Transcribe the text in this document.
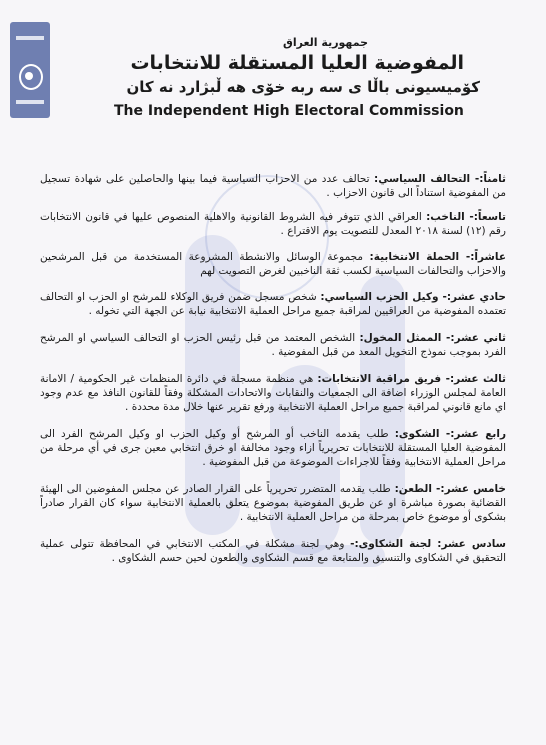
جمهورية العراق
المفوضية العليا المستقلة للانتخابات
كۆميسيونی باڵا ی سه ربه خۆی هه ڵبژارد نه كان
The Independent High Electoral Commission

ثامناً:- التحالف السياسي: تحالف عدد من الاحزاب السياسية فيما بينها والحاصلين على شهادة تسجيل من المفوضية استناداً الى قانون الاحزاب .

تاسعاً:- الناخب: العراقي الذي تتوفر فيه الشروط القانونية والاهلية المنصوص عليها في قانون الانتخابات رقم (١٢) لسنة ٢٠١٨ المعدل للتصويت يوم الاقتراع .

عاشراً:- الحملة الانتخابية: مجموعة الوسائل والانشطة المشروعة المستخدمة من قبل المرشحين والاحزاب والتحالفات السياسية لكسب ثقة الناخبين لغرض التصويت لهم

حادي عشر:- وكيل الحزب السياسي: شخص مسجل ضمن فريق الوكلاء للمرشح او الحزب او التحالف تعتمده المفوضية من العراقيين لمراقبة جميع مراحل العملية الانتخابية نيابة عن الجهة التي تخوله .

ثاني عشر:- الممثل المخول: الشخص المعتمد من قبل رئيس الحزب او التحالف السياسي او المرشح الفرد بموجب نموذج التخويل المعد من قبل المفوضية .

ثالث عشر:- فريق مراقبة الانتخابات: هي منظمة مسجلة في دائرة المنظمات غير الحكومية / الامانة العامة لمجلس الوزراء اضافة الى الجمعيات والنقابات والاتحادات المشكلة وفقاً للقانون النافذ مع عدم وجود اي مانع قانوني لمراقبة جميع مراحل العملية الانتخابية ورفع تقرير عنها خلال مدة محددة .

رابع عشر:- الشكوى: طلب يقدمه الناخب أو المرشح أو وكيل الحزب او وكيل المرشح الفرد الى المفوضية العليا المستقلة للانتخابات تحريرياً ازاء وجود مخالفة او خرق انتخابي معين جرى في أي مرحلة من مراحل العملية الانتخابية وفقاً للاجراءات الموضوعة من قبل المفوضية .

خامس عشر:- الطعن: طلب يقدمه المتضرر تحريرياً على القرار الصادر عن مجلس المفوضين الى الهيئة القضائية بصورة مباشرة او عن طريق المفوضية بموضوع يتعلق بالعملية الانتخابية سواء كان القرار صادراً بشكوى أو موضوع خاص بمرحلة من مراحل العملية الانتخابية .

سادس عشر: لجنة الشكاوى:- وهي لجنة مشكلة في المكتب الانتخابي في المحافظة تتولى عملية التحقيق في الشكاوى والتنسيق والمتابعة مع قسم الشكاوى والطعون لحين حسم الشكاوى .
